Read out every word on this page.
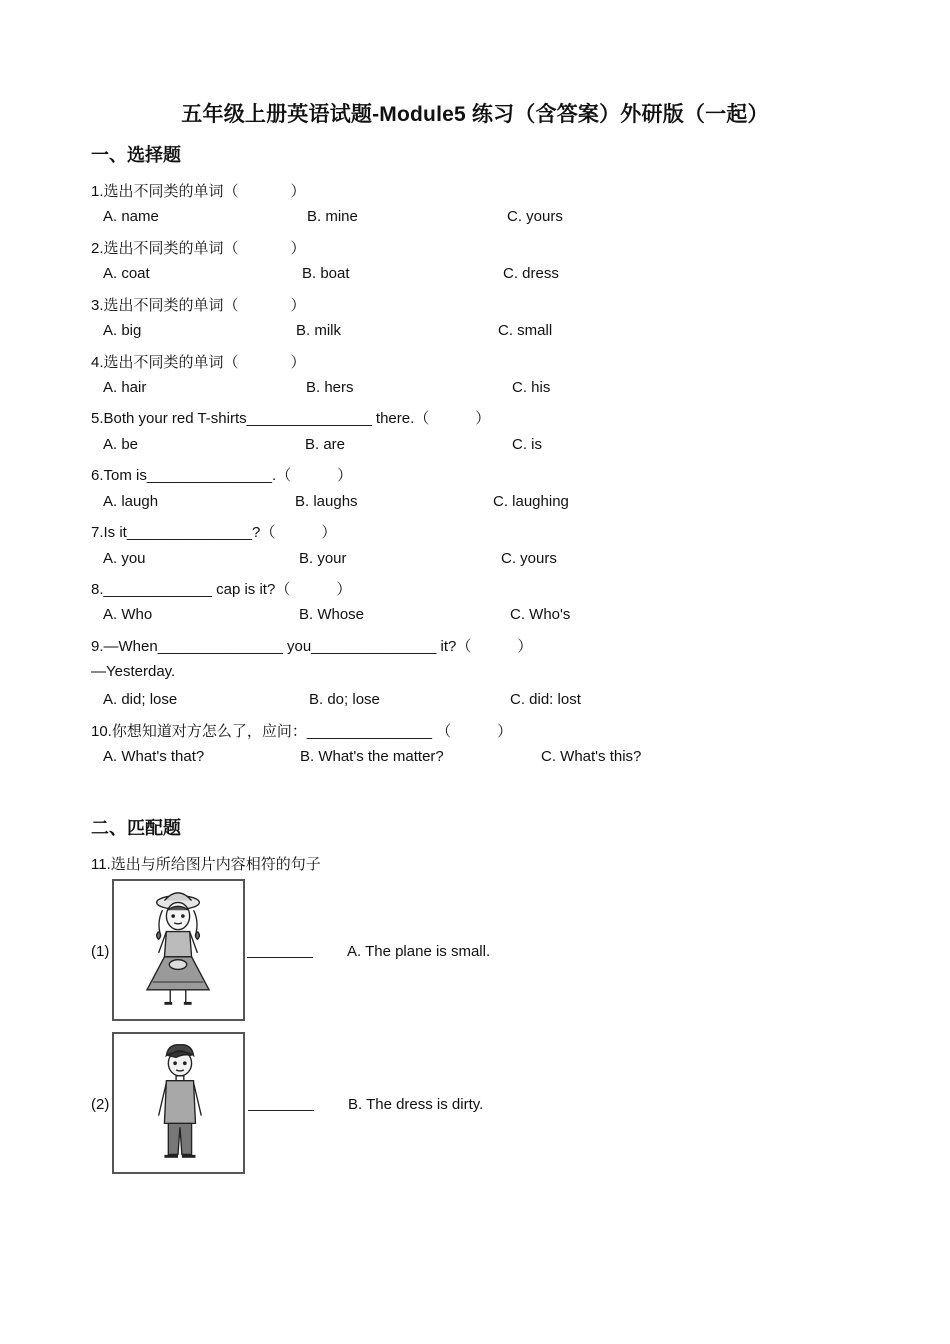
五年级上册英语试题-Module5 练习（含答案）外研版（一起）
一、选择题
1.选出不同类的单词（	）
A. name	B. mine	C. yours
2.选出不同类的单词（	）
A. coat	B. boat	C. dress
3.选出不同类的单词（	）
A. big	B. milk	C. small
4.选出不同类的单词（	）
A. hair	B. hers	C. his
5.Both your red T-shirts_______________ there.（	）
A. be	B. are	C. is
6.Tom is_______________.（	）
A. laugh	B. laughs	C. laughing
7.Is it_______________?（	）
A. you	B. your	C. yours
8._____________ cap is it?（	）
A. Who	B. Whose	C. Who's
9.—When_______________ you_______________ it?（	）
—Yesterday.
A. did; lose	B. do; lose	C. did: lost
10.你想知道对方怎么了，应问：_______________ （	）
A. What's that?	B. What's the matter?	C. What's this?
二、匹配题
11.选出与所给图片内容相符的句子
(1)	A. The plane is small.
(2)	B. The dress is dirty.
